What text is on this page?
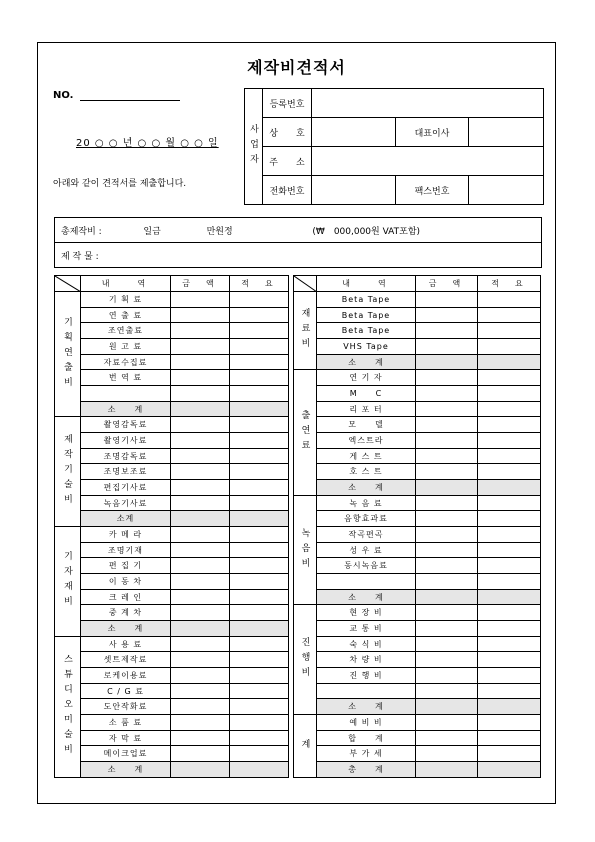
제작비견적서
NO.
20 ○ ○ 년 ○ ○ 월 ○ ○ 일
아래와 같이 견적서를 제출합니다.
사업자	등록번호			
	상　　호		대표이사	
	주　　소			
	전화번호		팩스번호	
총제작비 :	일금	만원정	(₩　000,000원 VAT포함)
제 작 물 :
	내　　역	금　액	적　요
기획연출비	기 획 료		
	연 출 료		
	조연출료		
	원 고 료		
	자료수집료		
	번 역 료		

	소　　계		
제작기술비	촬영감독료		
	촬영기사료		
	조명감독료		
	조명보조료		
	편집기사료		
	녹음기사료		
	소계		
기자재비	카 메 라		
	조명기재		
	편 집 기		
	이 동 차		
	크 레 인		
	중 계 차		
	소　　계		
스튜디오미술비	사 용 료		
	셋트제작료		
	로케이용료		
	C / G 료		
	도안작화료		
	소 품 료		
	자 막 료		
	메이크업료		
	소　　계		
	내　　역	금　액	적　요
재료비	Beta Tape		
	Beta Tape		
	Beta Tape		
	VHS Tape		
	소　　계		
출연료	연 기 자		
	M　　C		
	리 포 터		
	모　　델		
	엑스트라		
	게 스 트		
	호 스 트		
	소　　계		
녹음비	녹 음 료		
	음향효과료		
	작곡편곡		
	성 우 료		
	동시녹음료		

	소　　계		
진행비	현 장 비		
	교 통 비		
	숙 식 비		
	차 량 비		
	진 행 비		

	소　　계		
계	예 비 비		
	합　　계		
	부 가 세		
	총　　계		
